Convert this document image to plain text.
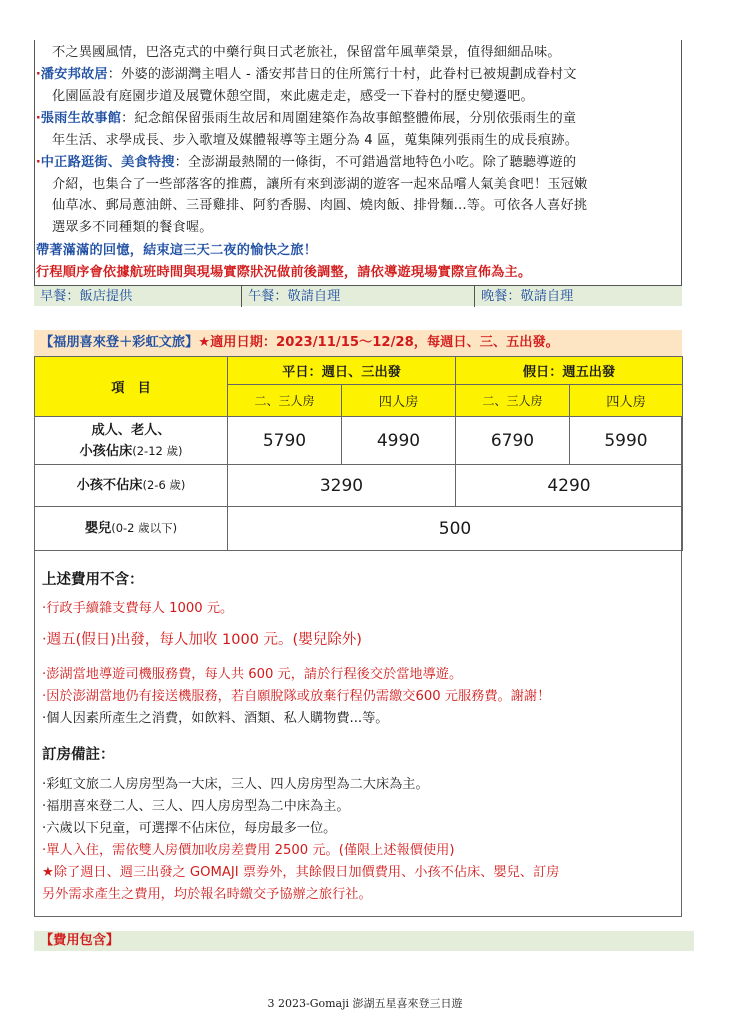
不之異國風情，巴洛克式的中藥行與日式老旅社，保留當年風華榮景，值得細細品味。
‧潘安邦故居：外婆的澎湖灣主唱人 - 潘安邦昔日的住所篤行十村，此眷村已被規劃成眷村文
化園區設有庭園步道及展覽休憩空間，來此處走走，感受一下眷村的歷史變遷吧。
‧張雨生故事館：紀念館保留張雨生故居和周圍建築作為故事館整體佈展，分別依張雨生的童
年生活、求學成長、步入歌壇及媒體報導等主題分為 4 區，蒐集陳列張雨生的成長痕跡。
‧中正路逛街、美食特搜：全澎湖最熱鬧的一條街，不可錯過當地特色小吃。除了聽聽導遊的
介紹，也集合了一些部落客的推薦，讓所有來到澎湖的遊客一起來品嚐人氣美食吧！玉冠嫩
仙草冰、郵局蔥油餅、三哥雞排、阿豹香腸、肉圓、燒肉飯、排骨麵...等。可依各人喜好挑
選眾多不同種類的餐食喔。
帶著滿滿的回憶，結束這三天二夜的愉快之旅！
行程順序會依據航班時間與現場實際狀況做前後調整，請依導遊現場實際宣佈為主。
早餐：飯店提供	午餐：敬請自理	晚餐：敬請自理
【福朋喜來登＋彩虹文旅】★適用日期：2023/11/15～12/28，每週日、三、五出發。
項　目	平日：週日、三出發		假日：週五出發	
	二、三人房	四人房	二、三人房	四人房

成人、老人、
小孩佔床(2-12 歲)	5790	4990	6790	5990
小孩不佔床(2-6 歲)	3290		4290	
嬰兒(0-2 歲以下)	500			
上述費用不含：
‧行政手續雜支費每人 1000 元。
‧週五(假日)出發，每人加收 1000 元。(嬰兒除外)
‧澎湖當地導遊司機服務費，每人共 600 元，請於行程後交於當地導遊。
‧因於澎湖當地仍有接送機服務，若自願脫隊或放棄行程仍需繳交600 元服務費。謝謝！
‧個人因素所產生之消費，如飲料、酒類、私人購物費...等。
訂房備註：
‧彩虹文旅二人房房型為一大床，三人、四人房房型為二大床為主。
‧福朋喜來登二人、三人、四人房房型為二中床為主。
‧六歲以下兒童，可選擇不佔床位，每房最多一位。
‧單人入住，需依雙人房價加收房差費用 2500 元。(僅限上述報價使用)
★除了週日、週三出發之 GOMAJI 票券外，其餘假日加價費用、小孩不佔床、嬰兒、訂房
另外需求產生之費用，均於報名時繳交予協辦之旅行社。
【費用包含】
3 2023-Gomaji 澎湖五星喜來登三日遊
